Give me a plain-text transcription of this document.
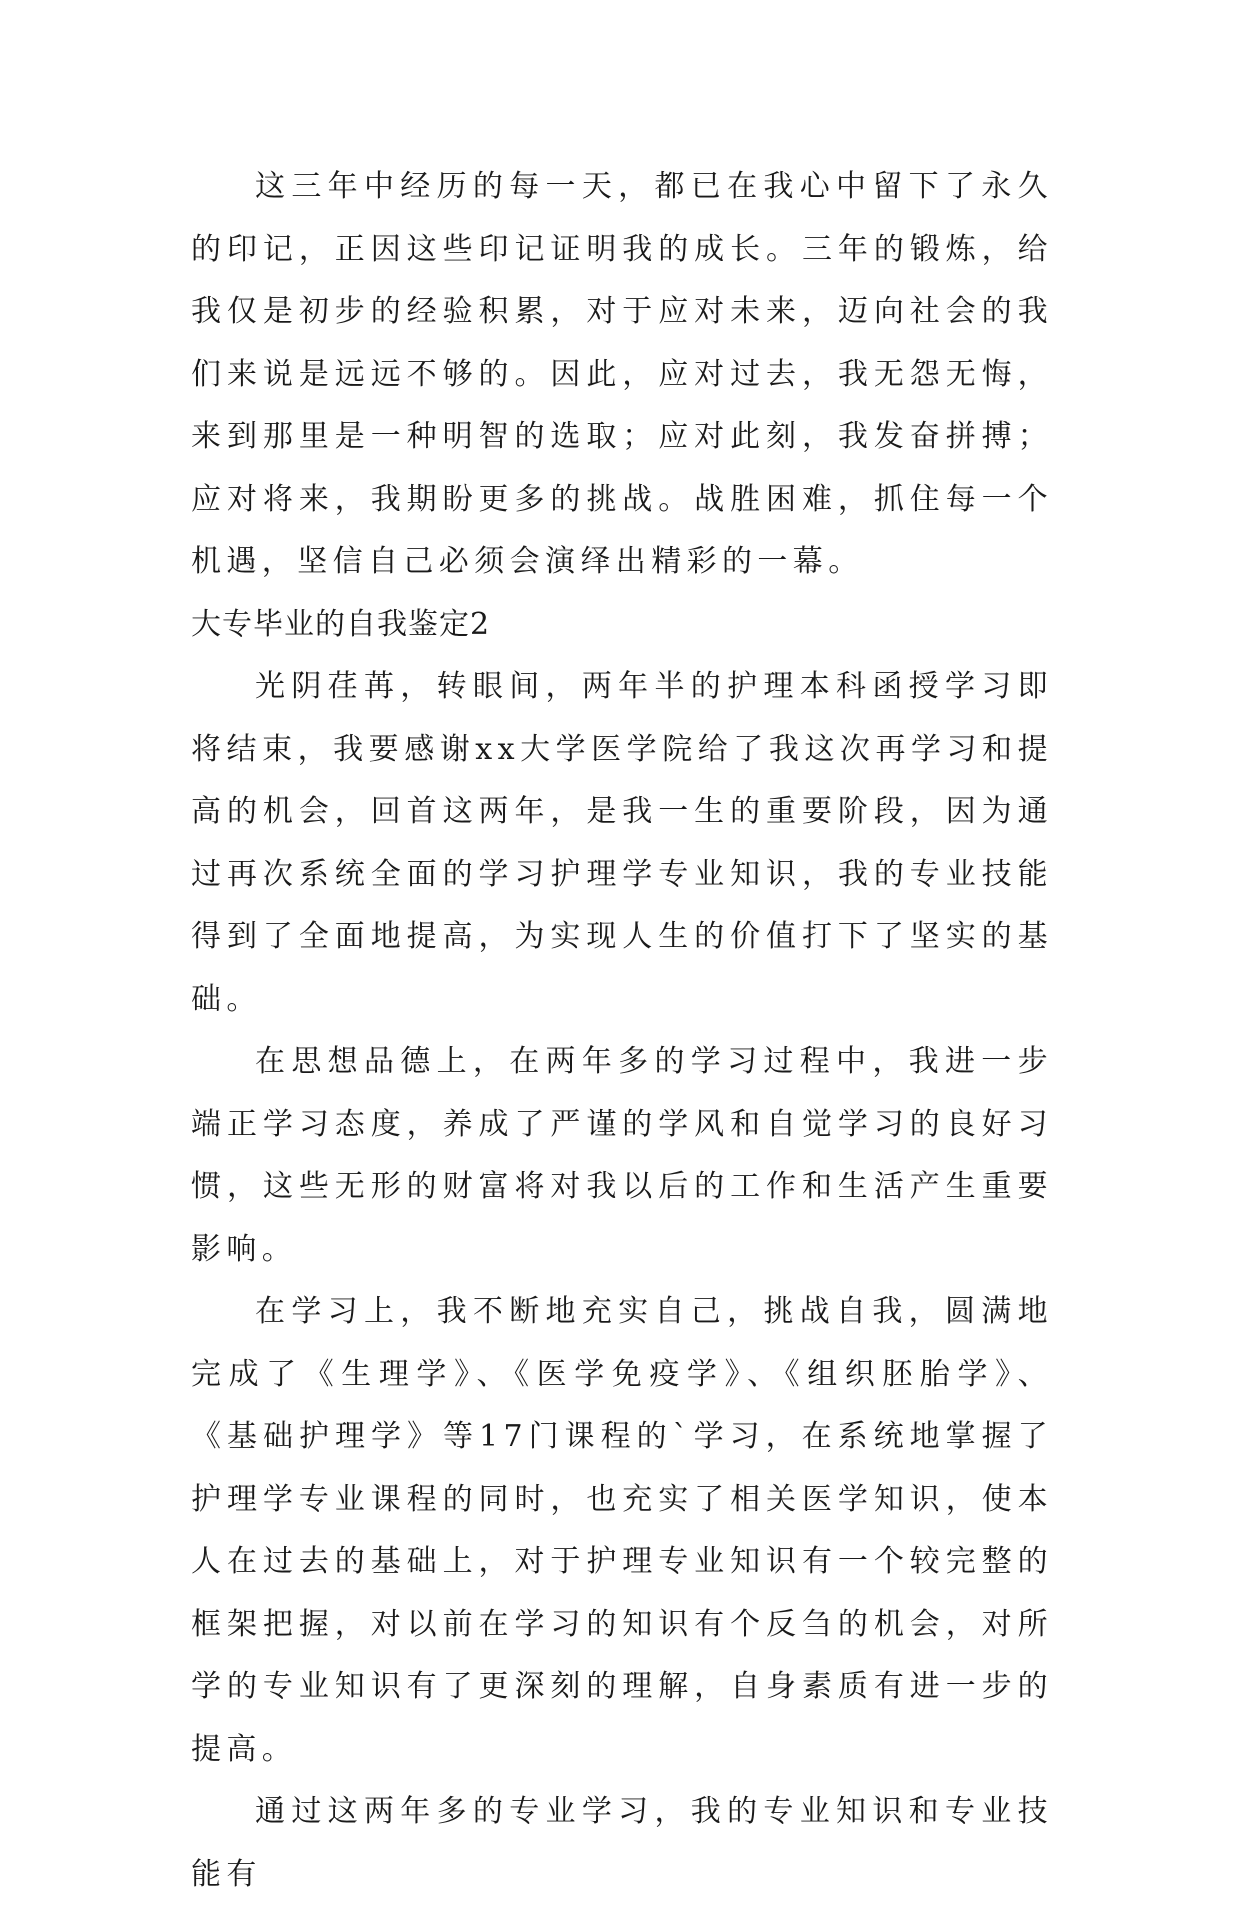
这三年中经历的每一天，都已在我心中留下了永久的印记，正因这些印记证明我的成长。三年的锻炼，给我仅是初步的经验积累，对于应对未来，迈向社会的我们来说是远远不够的。因此，应对过去，我无怨无悔，来到那里是一种明智的选取；应对此刻，我发奋拼搏；应对将来，我期盼更多的挑战。战胜困难，抓住每一个机遇，坚信自己必须会演绎出精彩的一幕。

大专毕业的自我鉴定2

光阴荏苒，转眼间，两年半的护理本科函授学习即将结束，我要感谢xx大学医学院给了我这次再学习和提高的机会，回首这两年，是我一生的重要阶段，因为通过再次系统全面的学习护理学专业知识，我的专业技能得到了全面地提高，为实现人生的价值打下了坚实的基础。

在思想品德上，在两年多的学习过程中，我进一步端正学习态度，养成了严谨的学风和自觉学习的良好习惯，这些无形的财富将对我以后的工作和生活产生重要影响。

在学习上，我不断地充实自己，挑战自我，圆满地完成了《生理学》、《医学免疫学》、《组织胚胎学》、《基础护理学》等17门课程的`学习，在系统地掌握了护理学专业课程的同时，也充实了相关医学知识，使本人在过去的基础上，对于护理专业知识有一个较完整的框架把握，对以前在学习的知识有个反刍的机会，对所学的专业知识有了更深刻的理解，自身素质有进一步的提高。

通过这两年多的专业学习，我的专业知识和专业技能有
